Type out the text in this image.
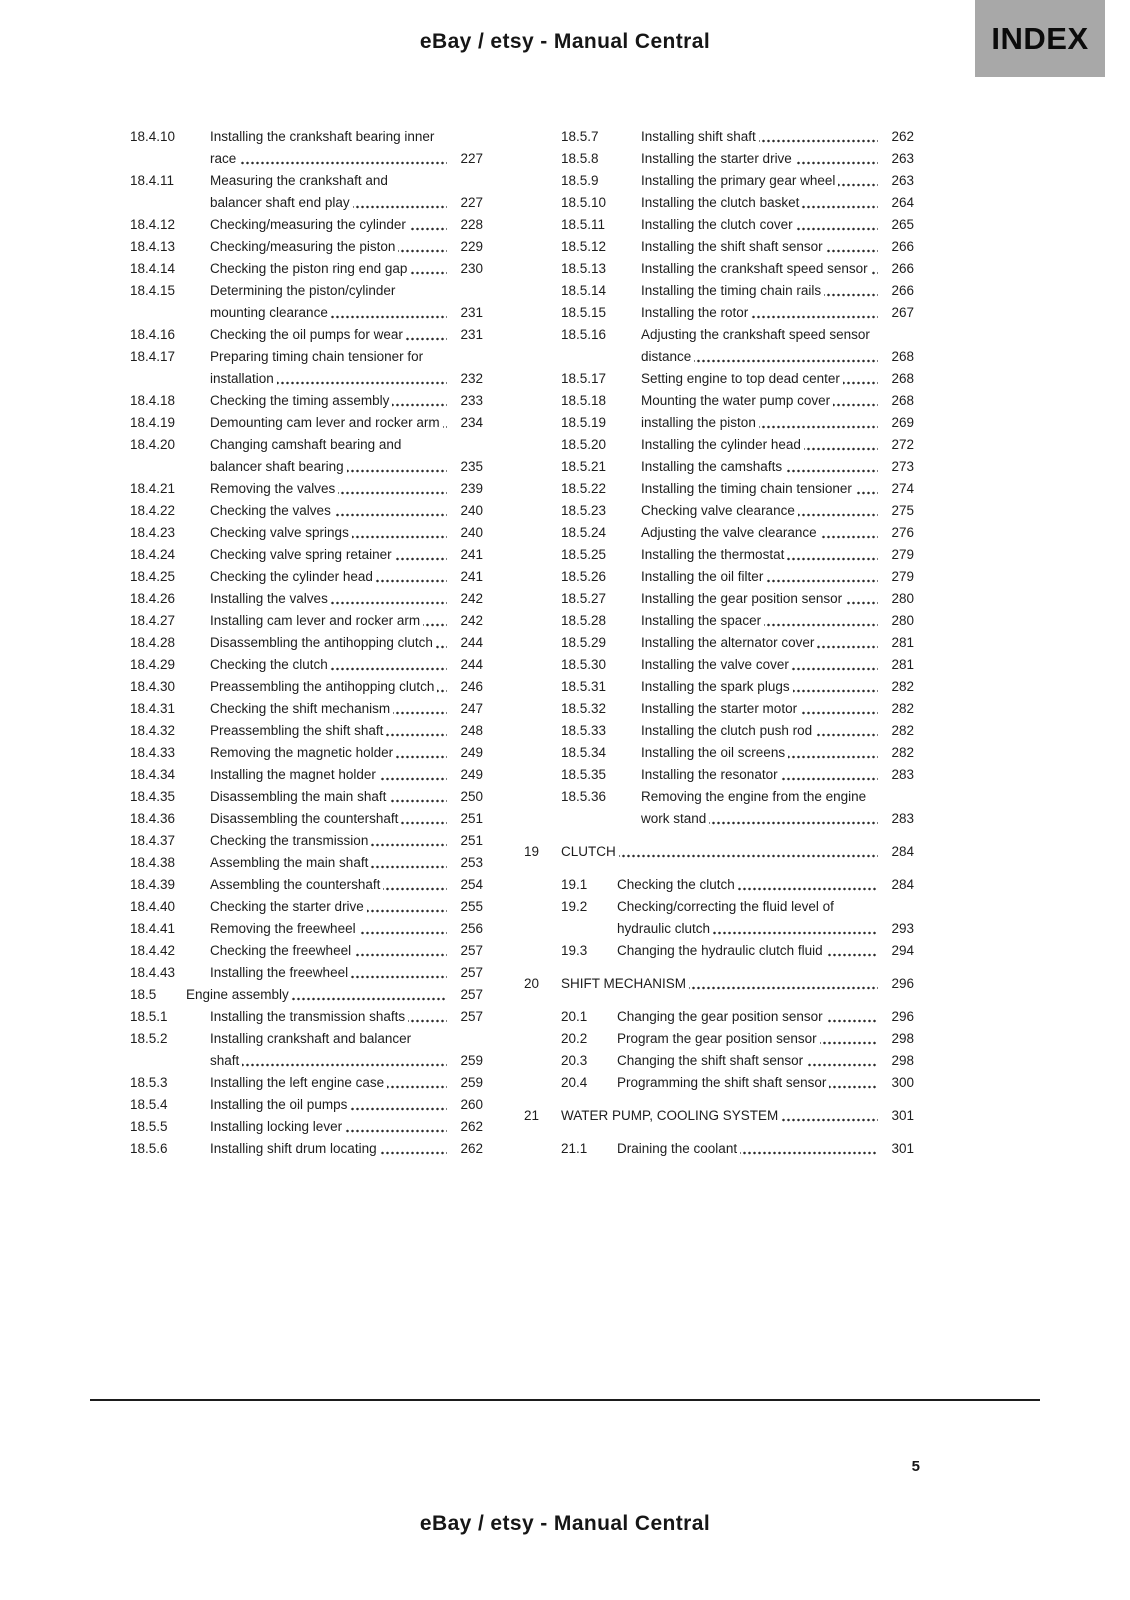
eBay / etsy - Manual Central	INDEX
18.4.10	Installing the crankshaft bearing inner race	227
18.4.11	Measuring the crankshaft and balancer shaft end play	227
18.4.12	Checking/measuring the cylinder	228
18.4.13	Checking/measuring the piston	229
18.4.14	Checking the piston ring end gap	230
18.4.15	Determining the piston/cylinder mounting clearance	231
18.4.16	Checking the oil pumps for wear	231
18.4.17	Preparing timing chain tensioner for installation	232
18.4.18	Checking the timing assembly	233
18.4.19	Demounting cam lever and rocker arm	234
18.4.20	Changing camshaft bearing and balancer shaft bearing	235
18.4.21	Removing the valves	239
18.4.22	Checking the valves	240
18.4.23	Checking valve springs	240
18.4.24	Checking valve spring retainer	241
18.4.25	Checking the cylinder head	241
18.4.26	Installing the valves	242
18.4.27	Installing cam lever and rocker arm	242
18.4.28	Disassembling the antihopping clutch	244
18.4.29	Checking the clutch	244
18.4.30	Preassembling the antihopping clutch	246
18.4.31	Checking the shift mechanism	247
18.4.32	Preassembling the shift shaft	248
18.4.33	Removing the magnetic holder	249
18.4.34	Installing the magnet holder	249
18.4.35	Disassembling the main shaft	250
18.4.36	Disassembling the countershaft	251
18.4.37	Checking the transmission	251
18.4.38	Assembling the main shaft	253
18.4.39	Assembling the countershaft	254
18.4.40	Checking the starter drive	255
18.4.41	Removing the freewheel	256
18.4.42	Checking the freewheel	257
18.4.43	Installing the freewheel	257
18.5	Engine assembly	257
18.5.1	Installing the transmission shafts	257
18.5.2	Installing crankshaft and balancer shaft	259
18.5.3	Installing the left engine case	259
18.5.4	Installing the oil pumps	260
18.5.5	Installing locking lever	262
18.5.6	Installing shift drum locating	262
18.5.7	Installing shift shaft	262
18.5.8	Installing the starter drive	263
18.5.9	Installing the primary gear wheel	263
18.5.10	Installing the clutch basket	264
18.5.11	Installing the clutch cover	265
18.5.12	Installing the shift shaft sensor	266
18.5.13	Installing the crankshaft speed sensor	266
18.5.14	Installing the timing chain rails	266
18.5.15	Installing the rotor	267
18.5.16	Adjusting the crankshaft speed sensor distance	268
18.5.17	Setting engine to top dead center	268
18.5.18	Mounting the water pump cover	268
18.5.19	installing the piston	269
18.5.20	Installing the cylinder head	272
18.5.21	Installing the camshafts	273
18.5.22	Installing the timing chain tensioner	274
18.5.23	Checking valve clearance	275
18.5.24	Adjusting the valve clearance	276
18.5.25	Installing the thermostat	279
18.5.26	Installing the oil filter	279
18.5.27	Installing the gear position sensor	280
18.5.28	Installing the spacer	280
18.5.29	Installing the alternator cover	281
18.5.30	Installing the valve cover	281
18.5.31	Installing the spark plugs	282
18.5.32	Installing the starter motor	282
18.5.33	Installing the clutch push rod	282
18.5.34	Installing the oil screens	282
18.5.35	Installing the resonator	283
18.5.36	Removing the engine from the engine work stand	283
19	CLUTCH	284
19.1	Checking the clutch	284
19.2	Checking/correcting the fluid level of hydraulic clutch	293
19.3	Changing the hydraulic clutch fluid	294
20	SHIFT MECHANISM	296
20.1	Changing the gear position sensor	296
20.2	Program the gear position sensor	298
20.3	Changing the shift shaft sensor	298
20.4	Programming the shift shaft sensor	300
21	WATER PUMP, COOLING SYSTEM	301
21.1	Draining the coolant	301
5
eBay / etsy - Manual Central
